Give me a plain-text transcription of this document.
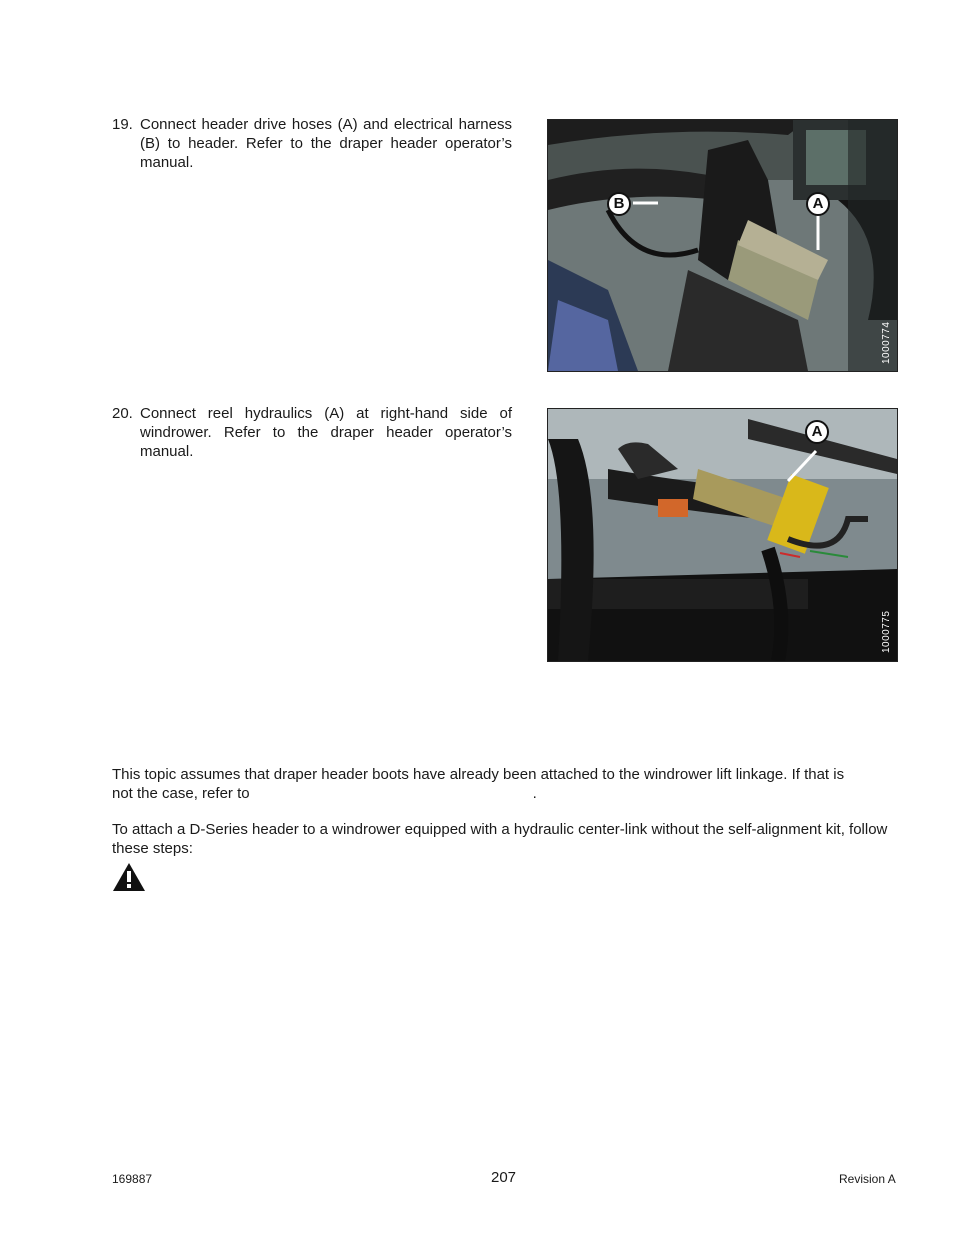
19. Connect header drive hoses (A) and electrical harness (B) to header. Refer to the draper header operator’s manual.
B	A
1000774
20. Connect reel hydraulics (A) at right-hand side of windrower. Refer to the draper header operator’s manual.
A
1000775
This topic assumes that draper header boots have already been attached to the windrower lift linkage. If that is
not the case, refer to	.
To attach a D-Series header to a windrower equipped with a hydraulic center-link without the self-alignment kit, follow
these steps:
169887	207	Revision A
